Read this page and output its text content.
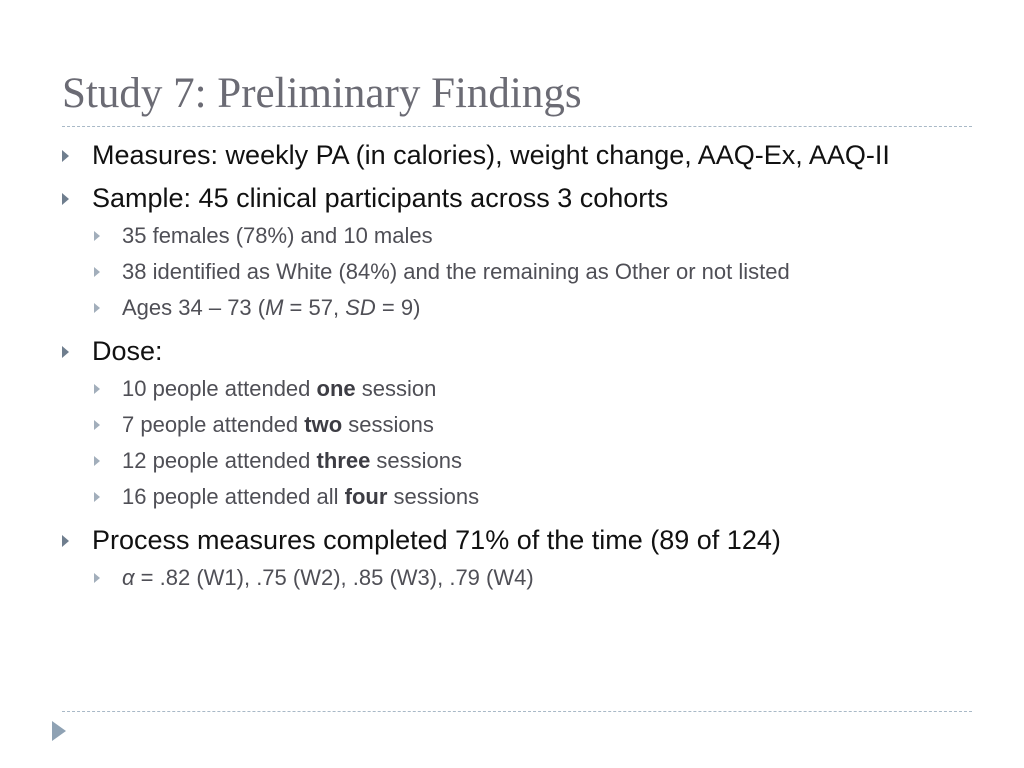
Study 7: Preliminary Findings
Measures: weekly PA (in calories), weight change, AAQ-Ex, AAQ-II
Sample: 45 clinical participants across 3 cohorts
35 females (78%) and 10 males
38 identified as White (84%) and the remaining as Other or not listed
Ages 34 – 73 (M = 57, SD = 9)
Dose:
10 people attended one session
7 people attended two sessions
12 people attended three sessions
16 people attended all four sessions
Process measures completed 71% of the time (89 of 124)
α = .82 (W1), .75 (W2), .85 (W3), .79 (W4)
